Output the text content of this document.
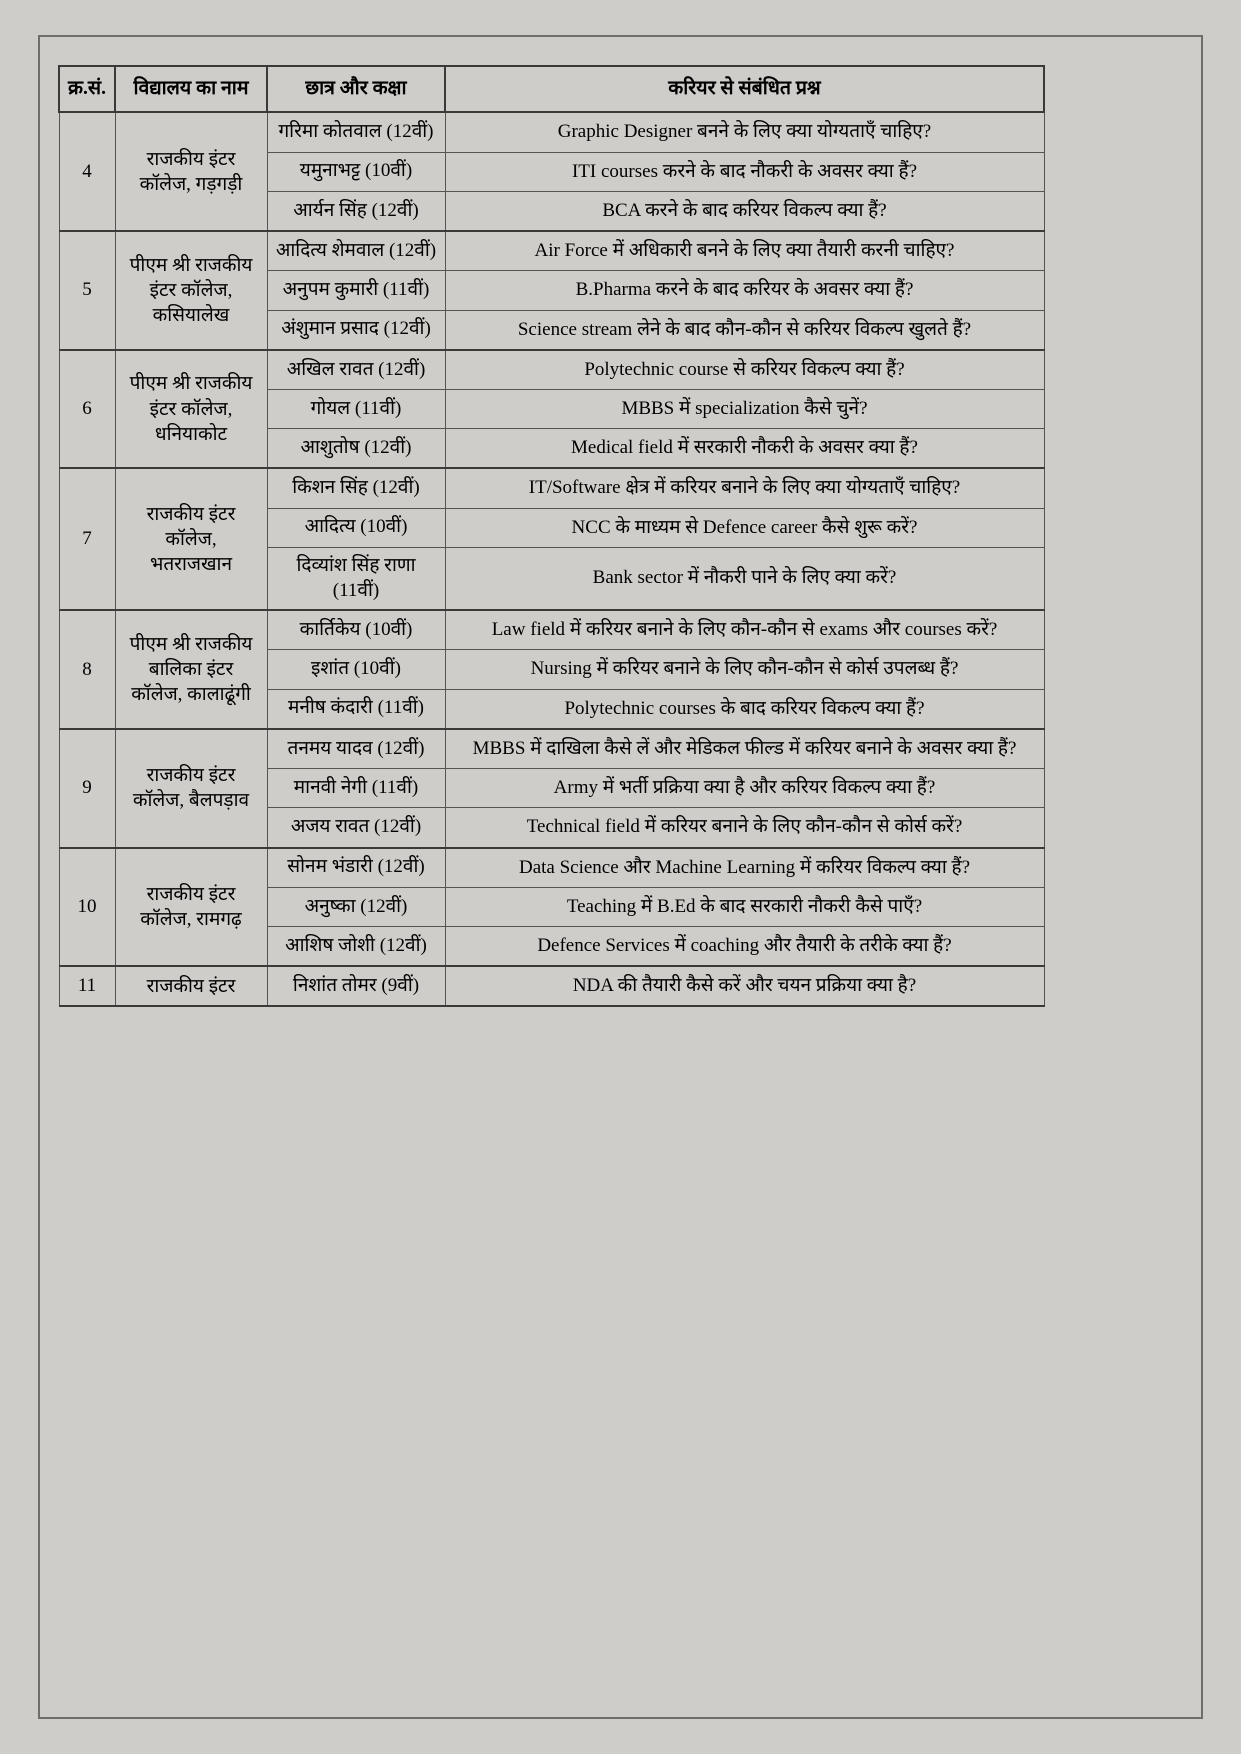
क्र.सं.	विद्यालय का नाम	छात्र और कक्षा	करियर से संबंधित प्रश्न
4	राजकीय इंटर कॉलेज, गड़गड़ी	गरिमा कोतवाल (12वीं)	Graphic Designer बनने के लिए क्या योग्यताएँ चाहिए?
		यमुनाभट्ट (10वीं)	ITI courses करने के बाद नौकरी के अवसर क्या हैं?
		आर्यन सिंह (12वीं)	BCA करने के बाद करियर विकल्प क्या हैं?
5	पीएम श्री राजकीय इंटर कॉलेज, कसियालेख	आदित्य शेमवाल (12वीं)	Air Force में अधिकारी बनने के लिए क्या तैयारी करनी चाहिए?
		अनुपम कुमारी (11वीं)	B.Pharma करने के बाद करियर के अवसर क्या हैं?
		अंशुमान प्रसाद (12वीं)	Science stream लेने के बाद कौन-कौन से करियर विकल्प खुलते हैं?
6	पीएम श्री राजकीय इंटर कॉलेज, धनियाकोट	अखिल रावत (12वीं)	Polytechnic course से करियर विकल्प क्या हैं?
		गोयल (11वीं)	MBBS में specialization कैसे चुनें?
		आशुतोष (12वीं)	Medical field में सरकारी नौकरी के अवसर क्या हैं?
7	राजकीय इंटर कॉलेज, भतराजखान	किशन सिंह (12वीं)	IT/Software क्षेत्र में करियर बनाने के लिए क्या योग्यताएँ चाहिए?
		आदित्य (10वीं)	NCC के माध्यम से Defence career कैसे शुरू करें?
		दिव्यांश सिंह राणा (11वीं)	Bank sector में नौकरी पाने के लिए क्या करें?
8	पीएम श्री राजकीय बालिका इंटर कॉलेज, कालाढूंगी	कार्तिकेय (10वीं)	Law field में करियर बनाने के लिए कौन-कौन से exams और courses करें?
		इशांत (10वीं)	Nursing में करियर बनाने के लिए कौन-कौन से कोर्स उपलब्ध हैं?
		मनीष कंदारी (11वीं)	Polytechnic courses के बाद करियर विकल्प क्या हैं?
9	राजकीय इंटर कॉलेज, बैलपड़ाव	तनमय यादव (12वीं)	MBBS में दाखिला कैसे लें और मेडिकल फील्ड में करियर बनाने के अवसर क्या हैं?
		मानवी नेगी (11वीं)	Army में भर्ती प्रक्रिया क्या है और करियर विकल्प क्या हैं?
		अजय रावत (12वीं)	Technical field में करियर बनाने के लिए कौन-कौन से कोर्स करें?
10	राजकीय इंटर कॉलेज, रामगढ़	सोनम भंडारी (12वीं)	Data Science और Machine Learning में करियर विकल्प क्या हैं?
		अनुष्का (12वीं)	Teaching में B.Ed के बाद सरकारी नौकरी कैसे पाएँ?
		आशिष जोशी (12वीं)	Defence Services में coaching और तैयारी के तरीके क्या हैं?
11	राजकीय इंटर	निशांत तोमर (9वीं)	NDA की तैयारी कैसे करें और चयन प्रक्रिया क्या है?
